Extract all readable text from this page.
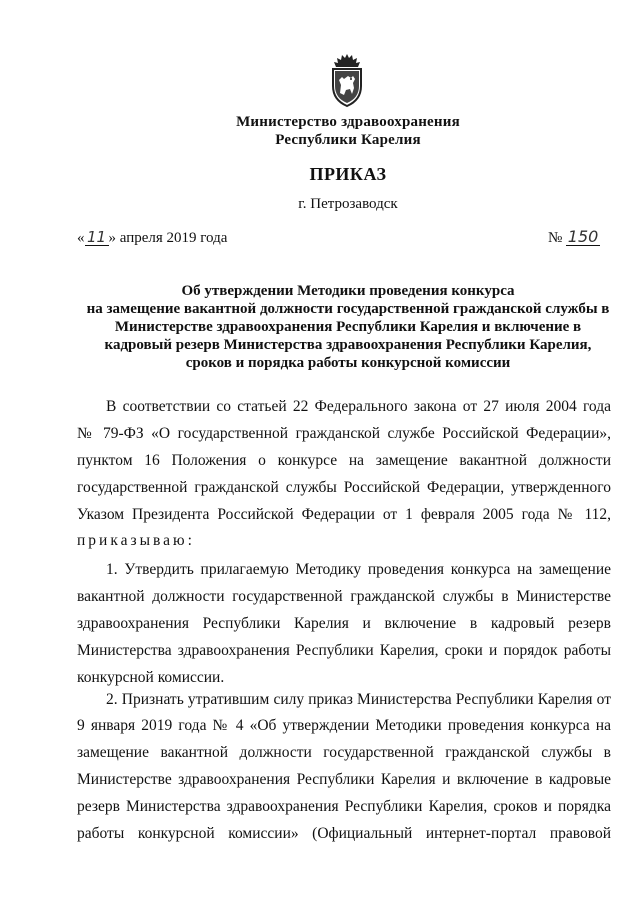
Министерство здравоохранения
Республики Карелия
ПРИКАЗ
г. Петрозаводск
« 11 » апреля 2019 года	№ 150
Об утверждении Методики проведения конкурса
на замещение вакантной должности государственной гражданской службы в
Министерстве здравоохранения Республики Карелия и включение в
кадровый резерв Министерства здравоохранения Республики Карелия,
сроков и порядка работы конкурсной комиссии
В соответствии со статьей 22 Федерального закона от 27 июля 2004 года
№ 79-ФЗ «О государственной гражданской службе Российской Федерации»,
пунктом 16 Положения о конкурсе на замещение вакантной должности
государственной гражданской службы Российской Федерации, утвержденного
Указом Президента Российской Федерации от 1 февраля 2005 года № 112,
приказываю:
1. Утвердить прилагаемую Методику проведения конкурса на замещение
вакантной должности государственной гражданской службы в Министерстве
здравоохранения Республики Карелия и включение в кадровый резерв
Министерства здравоохранения Республики Карелия, сроки и порядок работы
конкурсной комиссии.
2. Признать утратившим силу приказ Министерства Республики Карелия от
9 января 2019 года № 4 «Об утверждении Методики проведения конкурса на
замещение вакантной должности государственной гражданской службы в
Министерстве здравоохранения Республики Карелия и включение в кадровые
резерв Министерства здравоохранения Республики Карелия, сроков и порядка
работы конкурсной комиссии» (Официальный интернет-портал правовой
